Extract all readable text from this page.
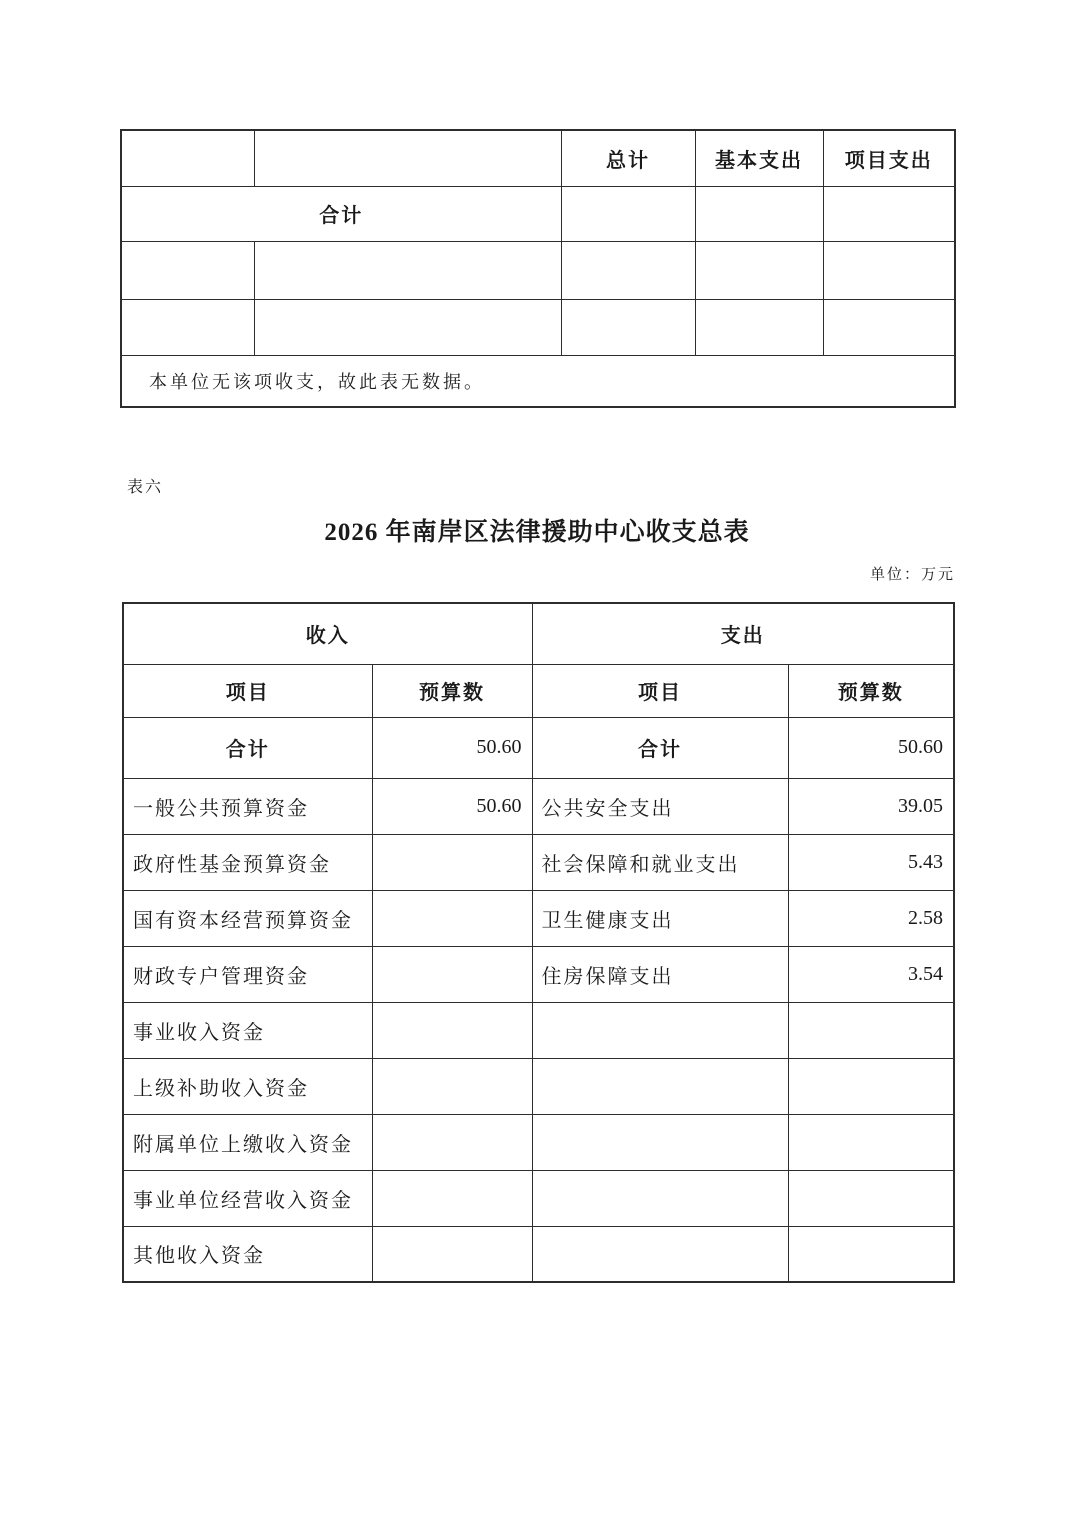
		总计	基本支出	项目支出
合计				

本单位无该项收支，故此表无数据。				
表六
2026 年南岸区法律援助中心收支总表
单位：万元
收入		支出	
项目	预算数	项目	预算数
合计	50.60	合计	50.60
一般公共预算资金	50.60	公共安全支出	39.05
政府性基金预算资金		社会保障和就业支出	5.43
国有资本经营预算资金		卫生健康支出	2.58
财政专户管理资金		住房保障支出	3.54
事业收入资金			
上级补助收入资金			
附属单位上缴收入资金			
事业单位经营收入资金			
其他收入资金			
